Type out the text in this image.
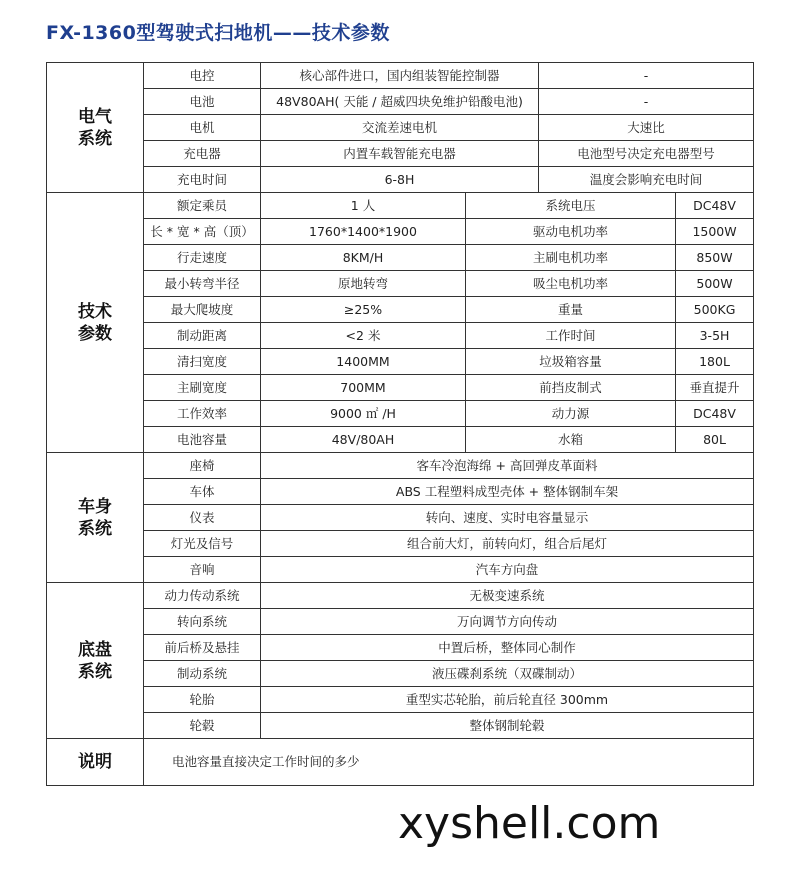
FX-1360型驾驶式扫地机——技术参数
电气
系统	电控	核心部件进口，国内组装智能控制器		-	
	电池	48V80AH( 天能 / 超威四块免维护铅酸电池)		-	
	电机	交流差速电机		大速比	
	充电器	内置车载智能充电器		电池型号决定充电器型号	
	充电时间	6-8H		温度会影响充电时间	
技术
参数	额定乘员	1 人	系统电压		DC48V
	长 * 宽 * 高（顶）	1760*1400*1900	驱动电机功率		1500W
	行走速度	8KM/H	主刷电机功率		850W
	最小转弯半径	原地转弯	吸尘电机功率		500W
	最大爬坡度	≥25%	重量		500KG
	制动距离	<2 米	工作时间		3-5H
	清扫宽度	1400MM	垃圾箱容量		180L
	主刷宽度	700MM	前挡皮制式		垂直提升
	工作效率	9000 ㎡ /H	动力源		DC48V
	电池容量	48V/80AH	水箱		80L
车身
系统	座椅	客车冷泡海绵 + 高回弹皮革面料			
	车体	ABS 工程塑料成型壳体 + 整体钢制车架			
	仪表	转向、速度、实时电容量显示			
	灯光及信号	组合前大灯，前转向灯，组合后尾灯			
	音响	汽车方向盘			
底盘
系统	动力传动系统	无极变速系统			
	转向系统	万向调节方向传动			
	前后桥及悬挂	中置后桥，整体同心制作			
	制动系统	液压碟刹系统（双碟制动）			
	轮胎	重型实芯轮胎，前后轮直径 300mm			
	轮毂	整体钢制轮毂			
说明	电池容量直接决定工作时间的多少				
xyshell.com
